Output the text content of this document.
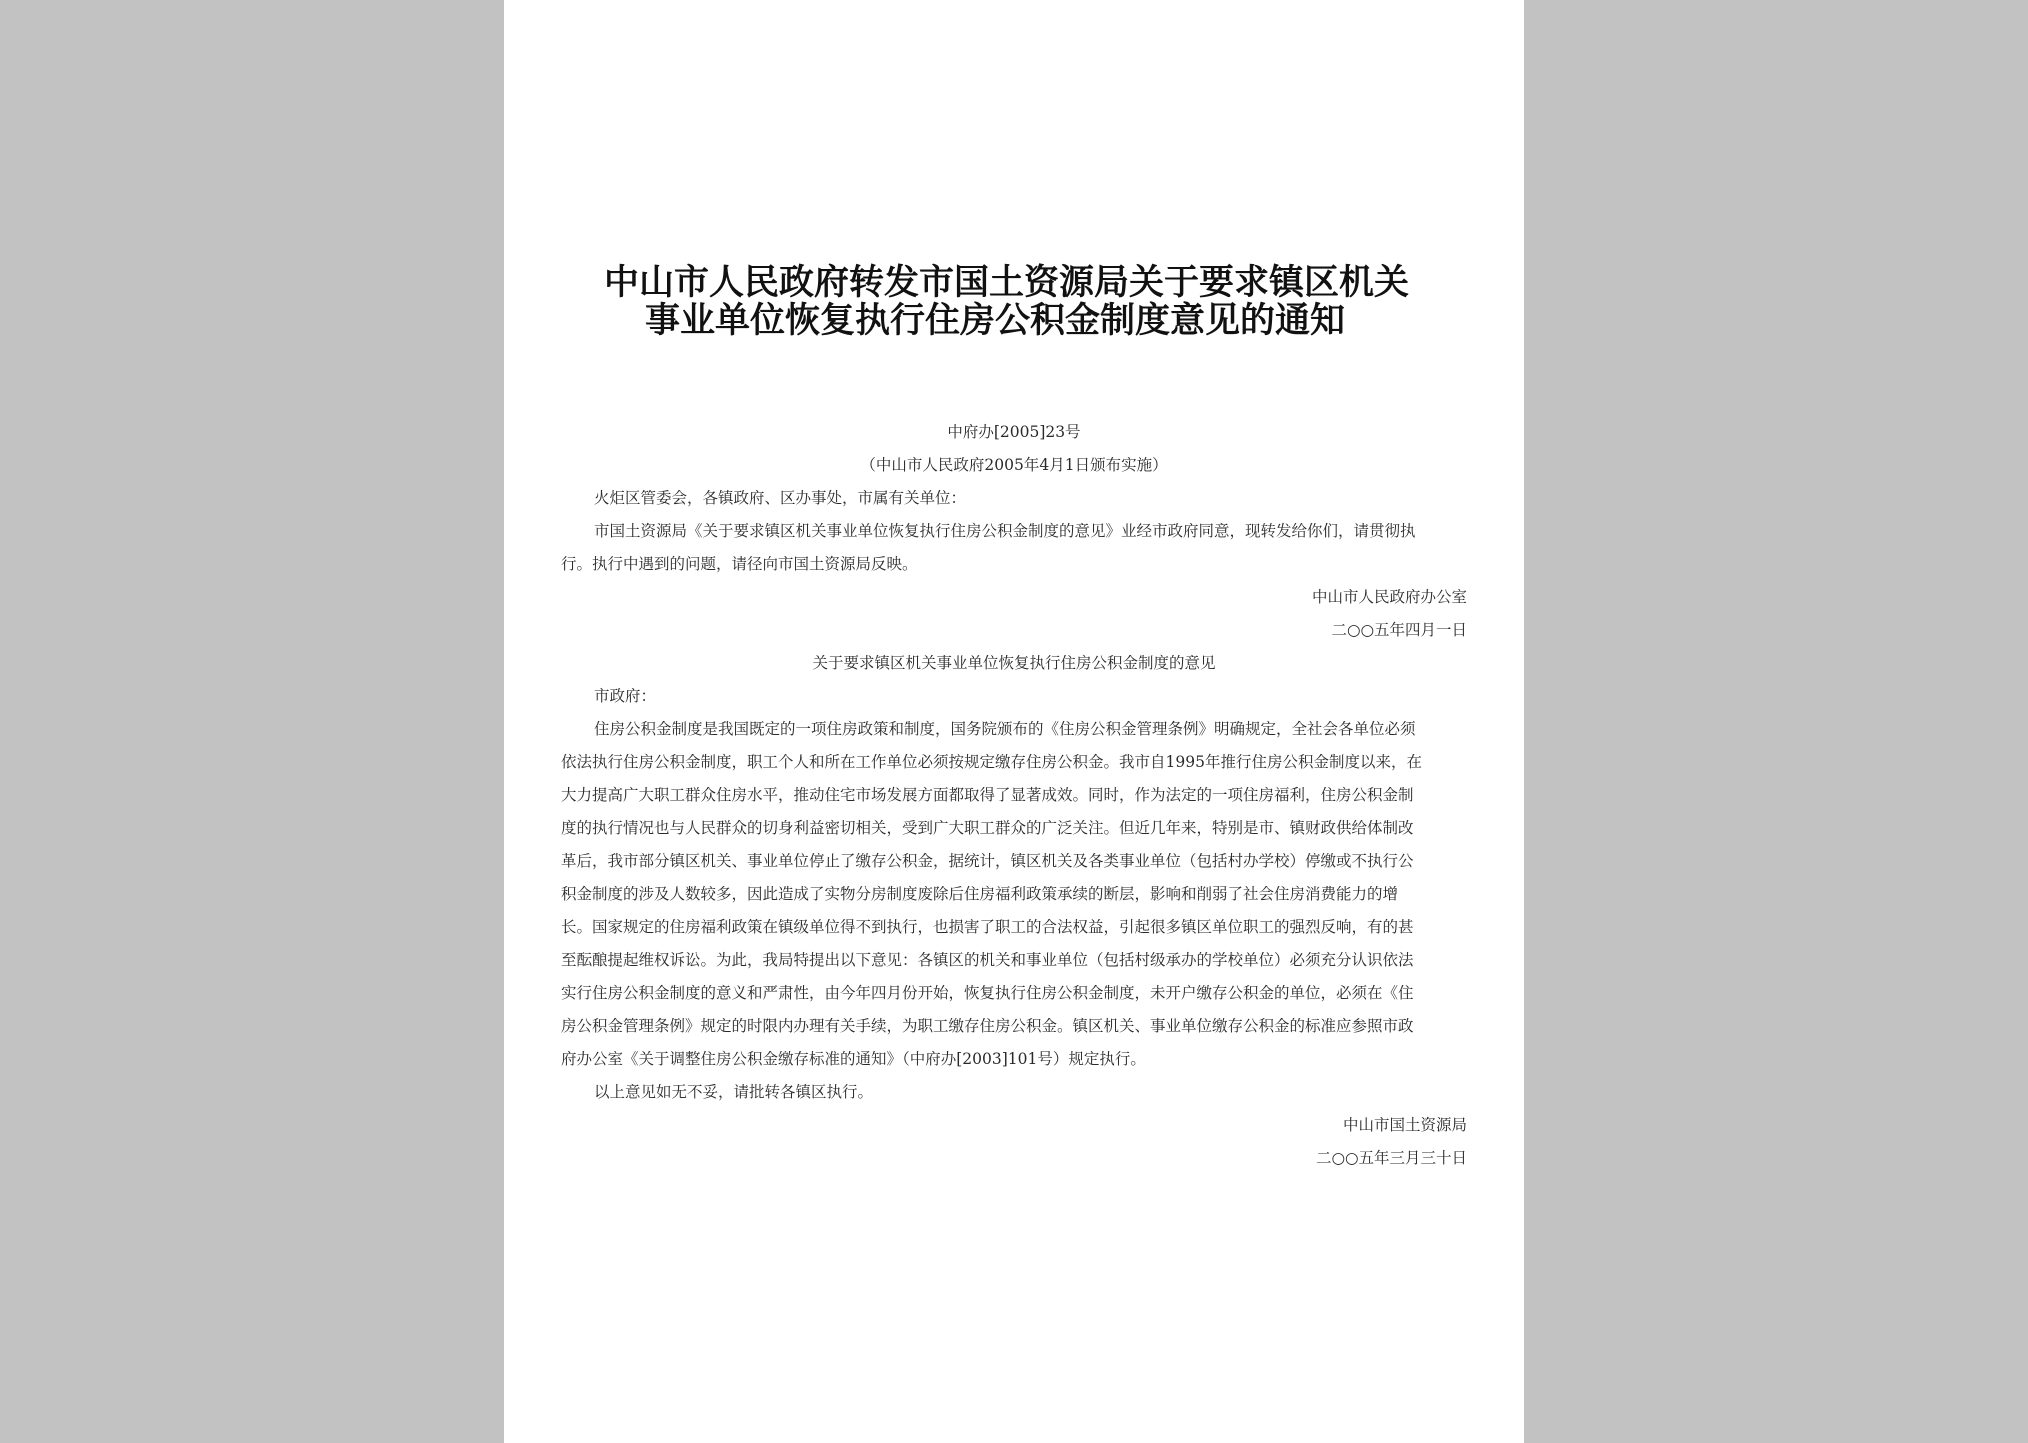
中山市人民政府转发市国土资源局关于要求镇区机关
事业单位恢复执行住房公积金制度意见的通知
中府办[2005]23号
（中山市人民政府2005年4月1日颁布实施）
火炬区管委会，各镇政府、区办事处，市属有关单位：
市国土资源局《关于要求镇区机关事业单位恢复执行住房公积金制度的意见》业经市政府同意，现转发给你们，请贯彻执
行。执行中遇到的问题，请径向市国土资源局反映。
中山市人民政府办公室
二○○五年四月一日
关于要求镇区机关事业单位恢复执行住房公积金制度的意见
市政府：
住房公积金制度是我国既定的一项住房政策和制度，国务院颁布的《住房公积金管理条例》明确规定，全社会各单位必须
依法执行住房公积金制度，职工个人和所在工作单位必须按规定缴存住房公积金。我市自1995年推行住房公积金制度以来，在
大力提高广大职工群众住房水平，推动住宅市场发展方面都取得了显著成效。同时，作为法定的一项住房福利，住房公积金制
度的执行情况也与人民群众的切身利益密切相关，受到广大职工群众的广泛关注。但近几年来，特别是市、镇财政供给体制改
革后，我市部分镇区机关、事业单位停止了缴存公积金，据统计，镇区机关及各类事业单位（包括村办学校）停缴或不执行公
积金制度的涉及人数较多，因此造成了实物分房制度废除后住房福利政策承续的断层，影响和削弱了社会住房消费能力的增
长。国家规定的住房福利政策在镇级单位得不到执行，也损害了职工的合法权益，引起很多镇区单位职工的强烈反响，有的甚
至酝酿提起维权诉讼。为此，我局特提出以下意见：各镇区的机关和事业单位（包括村级承办的学校单位）必须充分认识依法
实行住房公积金制度的意义和严肃性，由今年四月份开始，恢复执行住房公积金制度，未开户缴存公积金的单位，必须在《住
房公积金管理条例》规定的时限内办理有关手续，为职工缴存住房公积金。镇区机关、事业单位缴存公积金的标准应参照市政
府办公室《关于调整住房公积金缴存标准的通知》（中府办[2003]101号）规定执行。
以上意见如无不妥，请批转各镇区执行。
中山市国土资源局
二○○五年三月三十日
